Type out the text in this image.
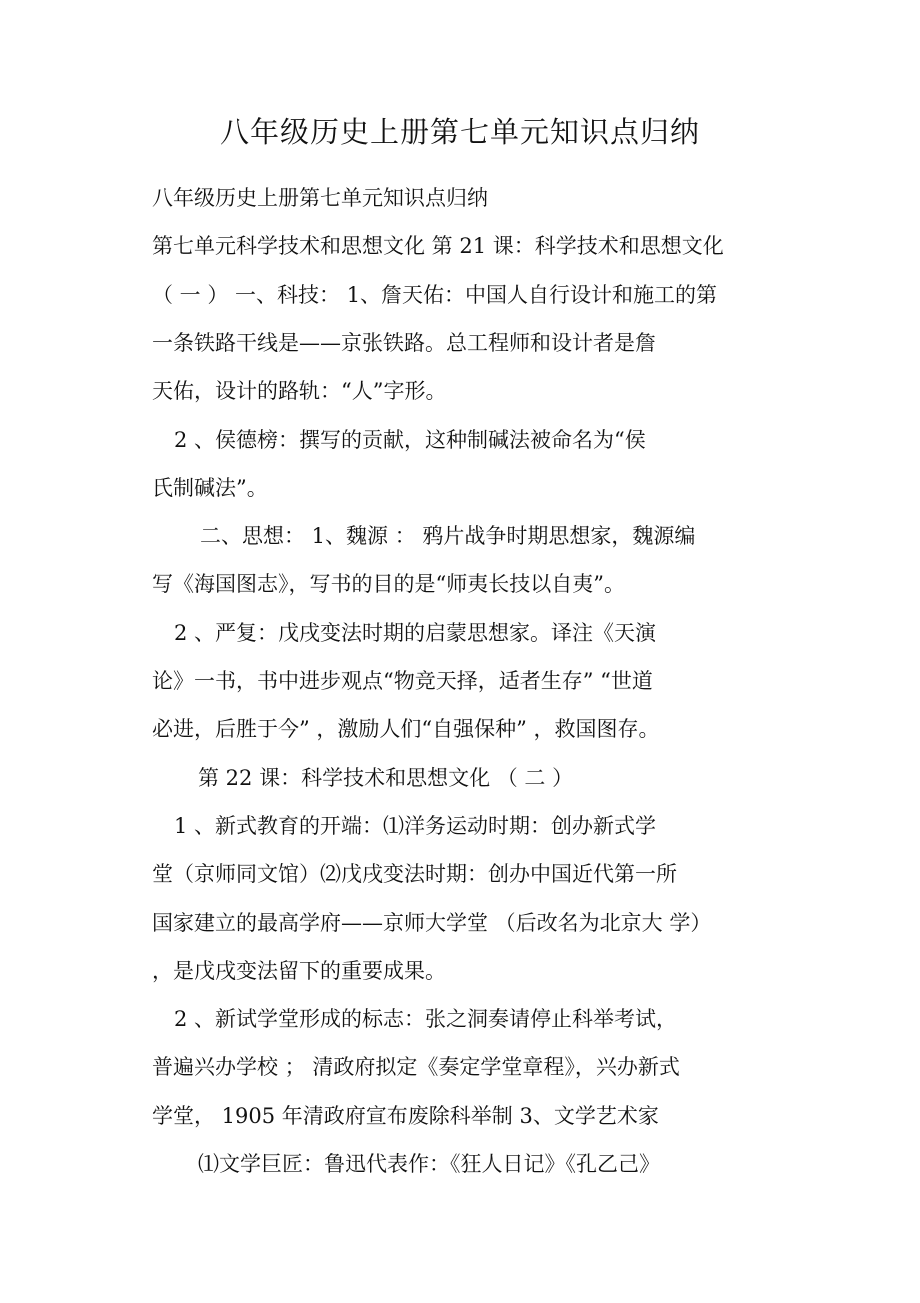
八年级历史上册第七单元知识点归纳
八年级历史上册第七单元知识点归纳
第七单元科学技术和思想文化 第 21 课：科学技术和思想文化
（ 一 ） 一、科技： 1、詹天佑：中国人自行设计和施工的第
一条铁路干线是——京张铁路。总工程师和设计者是詹
天佑，设计的路轨：“人”字形。
2 、侯德榜：撰写的贡献，这种制碱法被命名为“侯
氏制碱法”。
二、思想： 1、魏源 ： 鸦片战争时期思想家，魏源编
写《海国图志》，写书的目的是“师夷长技以自夷”。
2 、严复：戊戌变法时期的启蒙思想家。译注《天演
论》一书，书中进步观点“物竞天择，适者生存” “世道
必进，后胜于今” ，激励人们“自强保种” ，救国图存。
第 22 课：科学技术和思想文化 （ 二 ）
1 、新式教育的开端：⑴洋务运动时期：创办新式学
堂（京师同文馆）⑵戊戌变法时期：创办中国近代第一所
国家建立的最高学府——京师大学堂 （后改名为北京大 学）
，是戊戌变法留下的重要成果。
2 、新试学堂形成的标志：张之洞奏请停止科举考试，
普遍兴办学校 ； 清政府拟定《奏定学堂章程》，兴办新式
学堂， 1905 年清政府宣布废除科举制 3、文学艺术家
⑴文学巨匠：鲁迅代表作：《狂人日记》《孔乙己》
